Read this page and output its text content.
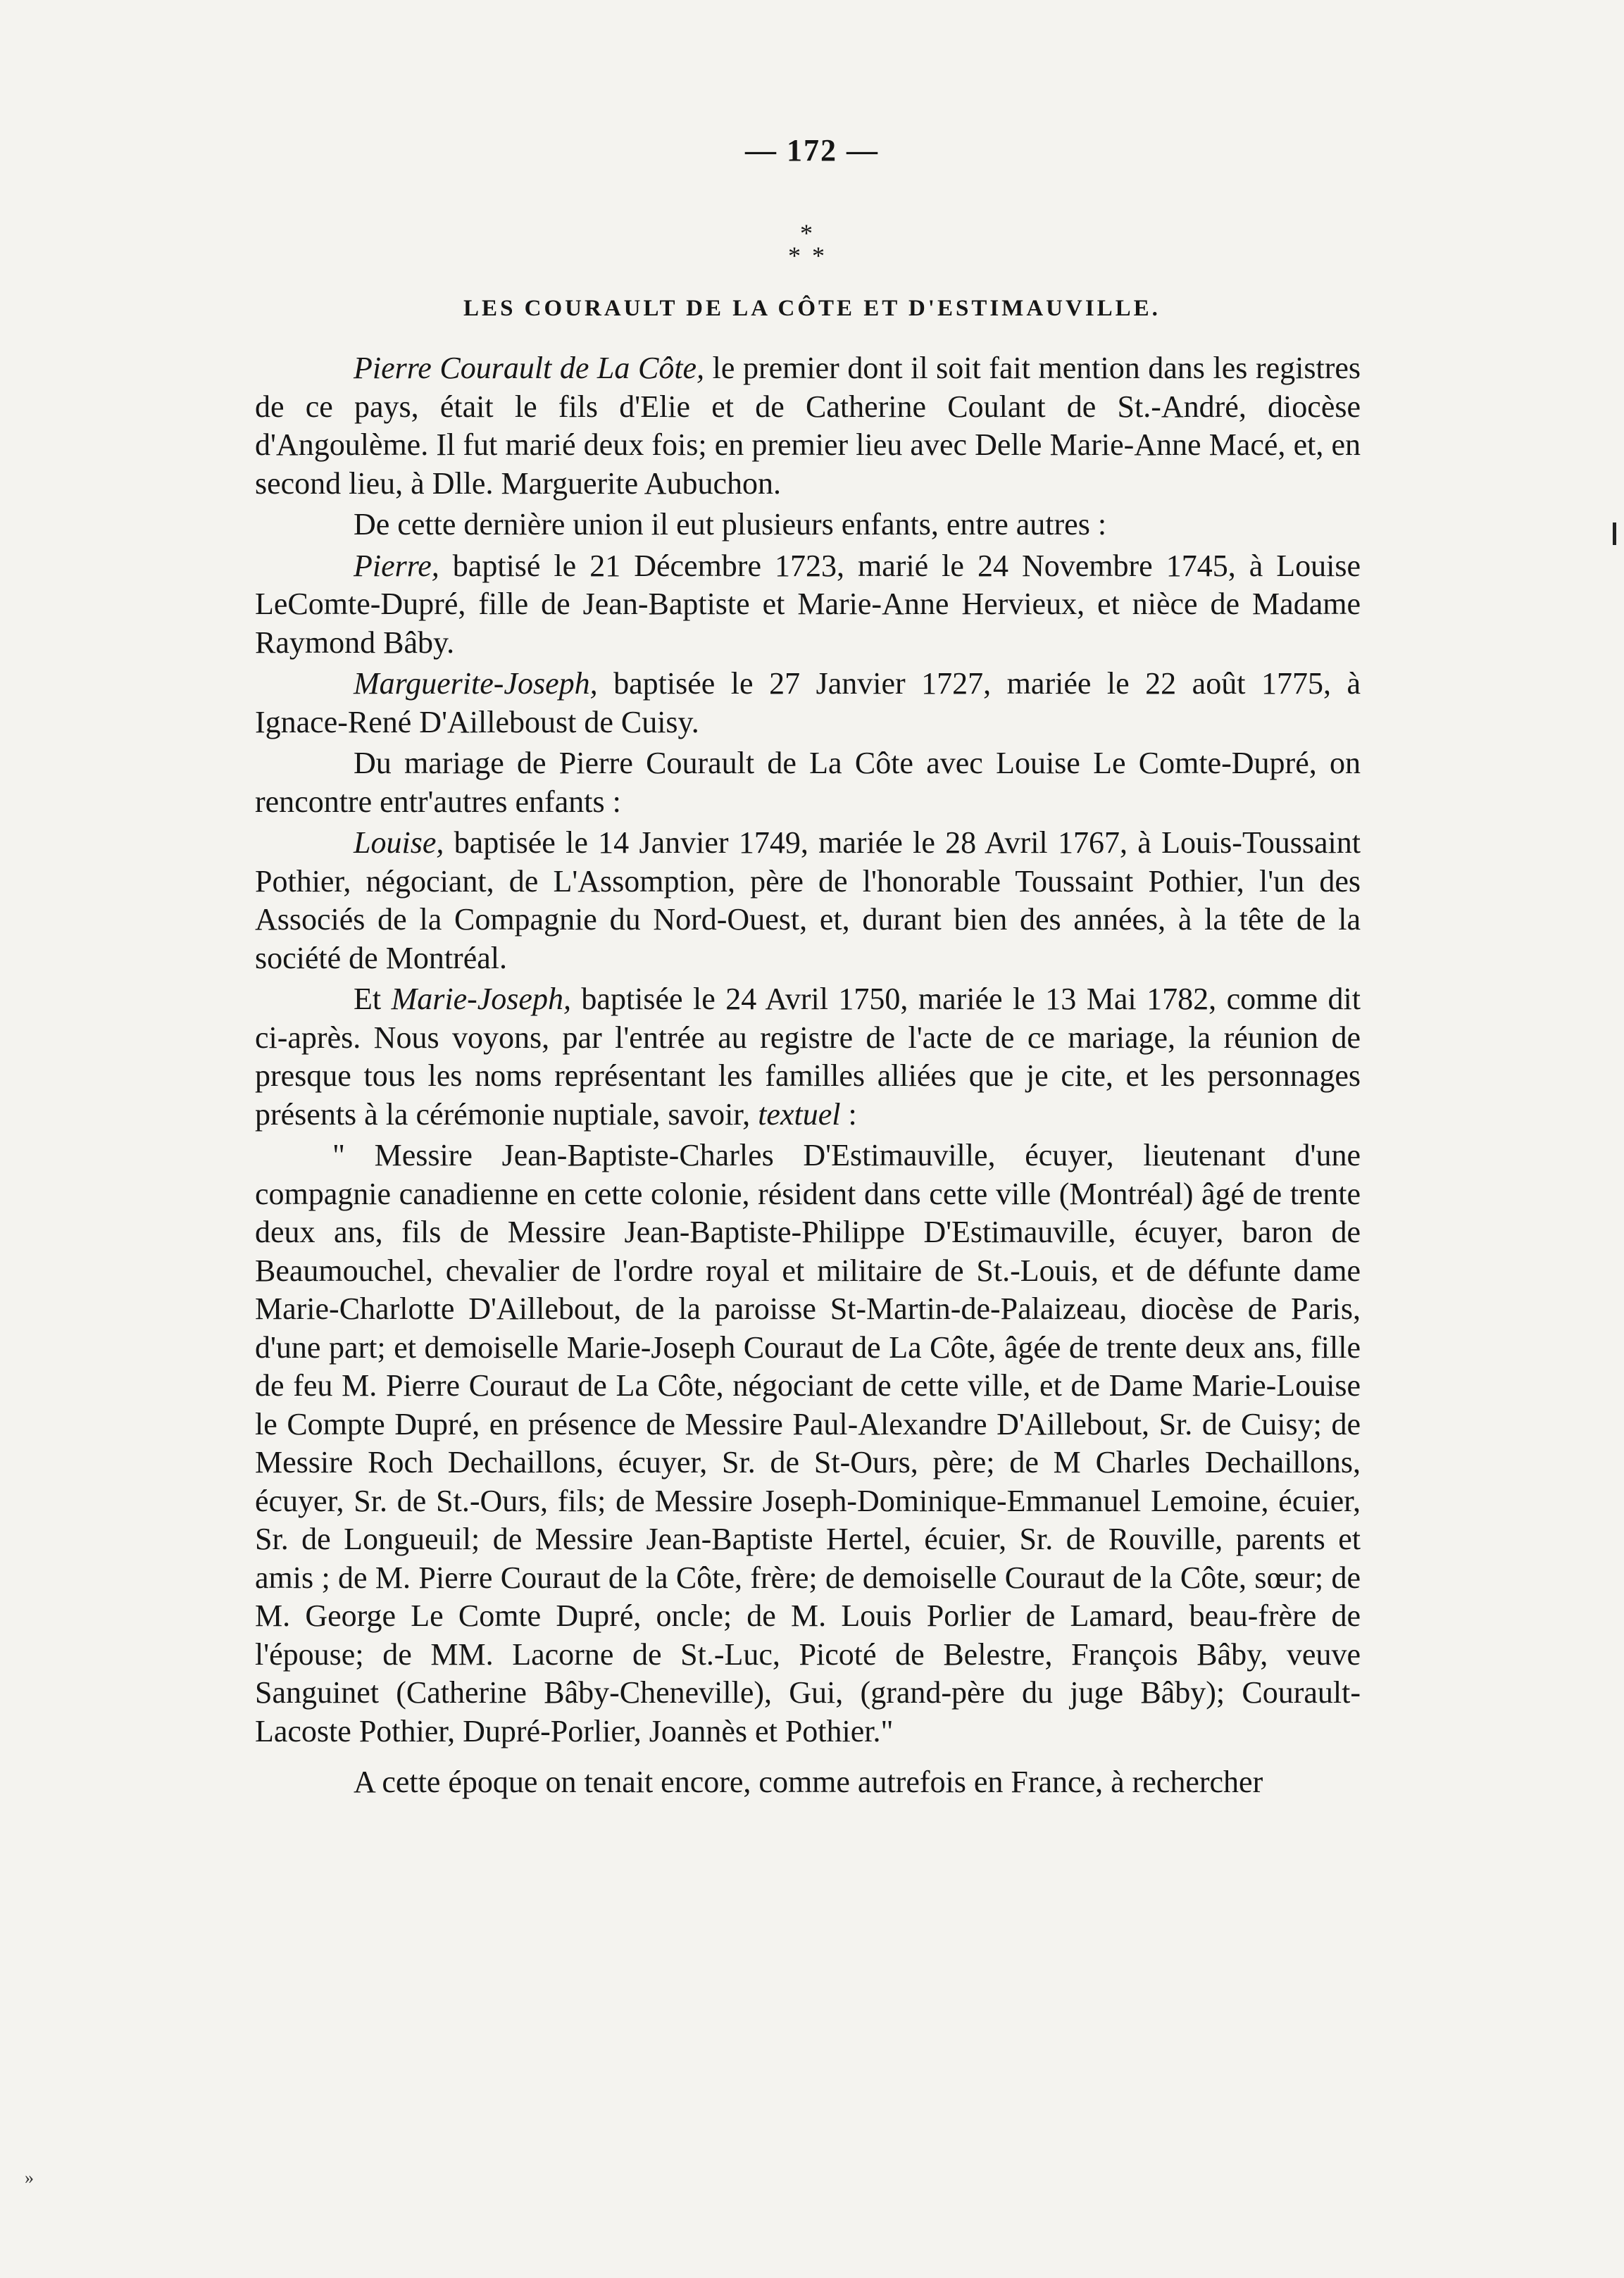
— 172 —
*
**
LES COURAULT DE LA CÔTE ET D'ESTIMAUVILLE.

Pierre Courault de La Côte, le premier dont il soit fait mention dans les registres de ce pays, était le fils d'Elie et de Catherine Coulant de St.-André, diocèse d'Angoulème. Il fut marié deux fois; en premier lieu avec Delle Marie-Anne Macé, et, en second lieu, à Dlle. Marguerite Aubuchon.

De cette dernière union il eut plusieurs enfants, entre autres :

Pierre, baptisé le 21 Décembre 1723, marié le 24 Novembre 1745, à Louise LeComte-Dupré, fille de Jean-Baptiste et Marie-Anne Hervieux, et nièce de Madame Raymond Bâby.

Marguerite-Joseph, baptisée le 27 Janvier 1727, mariée le 22 août 1775, à Ignace-René D'Ailleboust de Cuisy.

Du mariage de Pierre Courault de La Côte avec Louise Le Comte-Dupré, on rencontre entr'autres enfants :

Louise, baptisée le 14 Janvier 1749, mariée le 28 Avril 1767, à Louis-Toussaint Pothier, négociant, de L'Assomption, père de l'honorable Toussaint Pothier, l'un des Associés de la Compagnie du Nord-Ouest, et, durant bien des années, à la tête de la société de Montréal.

Et Marie-Joseph, baptisée le 24 Avril 1750, mariée le 13 Mai 1782, comme dit ci-après. Nous voyons, par l'entrée au registre de l'acte de ce mariage, la réunion de presque tous les noms représentant les familles alliées que je cite, et les personnages présents à la cérémonie nuptiale, savoir, textuel :

" Messire Jean-Baptiste-Charles D'Estimauville, écuyer, lieutenant d'une compagnie canadienne en cette colonie, résident dans cette ville (Montréal) âgé de trente deux ans, fils de Messire Jean-Baptiste-Philippe D'Estimauville, écuyer, baron de Beaumouchel, chevalier de l'ordre royal et militaire de St.-Louis, et de défunte dame Marie-Charlotte D'Aillebout, de la paroisse St-Martin-de-Palaizeau, diocèse de Paris, d'une part; et demoiselle Marie-Joseph Couraut de La Côte, âgée de trente deux ans, fille de feu M. Pierre Couraut de La Côte, négociant de cette ville, et de Dame Marie-Louise le Compte Dupré, en présence de Messire Paul-Alexandre D'Aillebout, Sr. de Cuisy; de Messire Roch Dechaillons, écuyer, Sr. de St-Ours, père; de M Charles Dechaillons, écuyer, Sr. de St.-Ours, fils; de Messire Joseph-Dominique-Emmanuel Lemoine, écuier, Sr. de Longueuil; de Messire Jean-Baptiste Hertel, écuier, Sr. de Rouville, parents et amis ; de M. Pierre Couraut de la Côte, frère; de demoiselle Couraut de la Côte, sœur; de M. George Le Comte Dupré, oncle; de M. Louis Porlier de Lamard, beau-frère de l'épouse; de MM. Lacorne de St.-Luc, Picoté de Belestre, François Bâby, veuve Sanguinet (Catherine Bâby-Cheneville), Gui, (grand-père du juge Bâby); Courault-Lacoste Pothier, Dupré-Porlier, Joannès et Pothier."

A cette époque on tenait encore, comme autrefois en France, à rechercher

»
